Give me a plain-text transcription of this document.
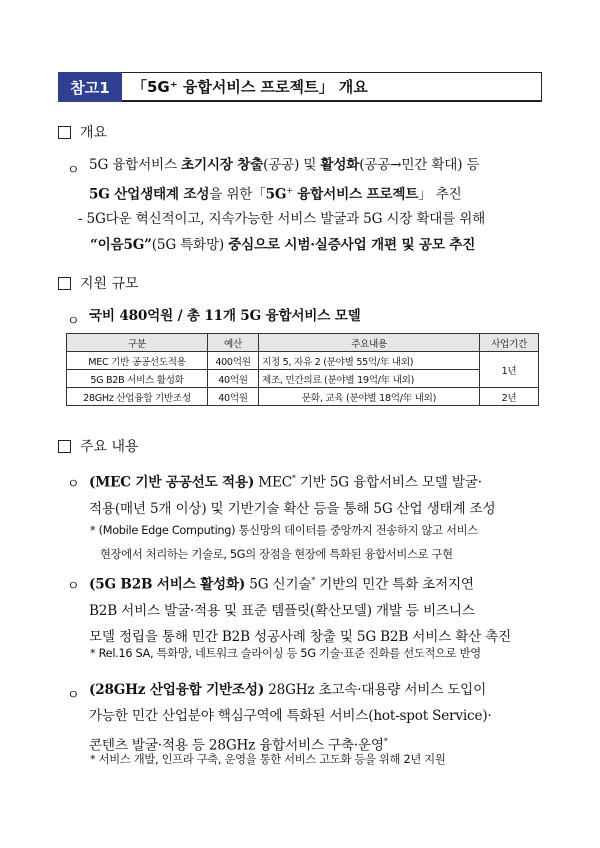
참고1	「5G⁺ 융합서비스 프로젝트」 개요
개요
ㅇ 5G 융합서비스 초기시장 창출(공공) 및 활성화(공공→민간 확대) 등
5G 산업생태계 조성을 위한「5G+ 융합서비스 프로젝트」 추진
- 5G다운 혁신적이고, 지속가능한 서비스 발굴과 5G 시장 확대를 위해
“이음5G”(5G 특화망) 중심으로 시범·실증사업 개편 및 공모 추진
지원 규모
ㅇ 국비 480억원 / 총 11개 5G 융합서비스 모델
구분	예산	주요내용	사업기간
MEC 기반 공공선도적용	400억원	지정 5, 자유 2 (분야별 55억/年 내외)	1년
5G B2B 서비스 활성화	40억원	제조, 민간의료 (분야별 19억/年 내외)	
28GHz 산업융합 기반조성	40억원	문화, 교육 (분야별 18억/年 내외)	2년
주요 내용
ㅇ (MEC 기반 공공선도 적용) MEC* 기반 5G 융합서비스 모델 발굴·
적용(매년 5개 이상) 및 기반기술 확산 등을 통해 5G 산업 생태계 조성
* (Mobile Edge Computing) 통신망의 데이터를 중앙까지 전송하지 않고 서비스
현장에서 처리하는 기술로, 5G의 장점을 현장에 특화된 융합서비스로 구현
ㅇ (5G B2B 서비스 활성화) 5G 신기술* 기반의 민간 특화 초저지연
B2B 서비스 발굴·적용 및 표준 템플릿(확산모델) 개발 등 비즈니스
모델 정립을 통해 민간 B2B 성공사례 창출 및 5G B2B 서비스 확산 촉진
* Rel.16 SA, 특화망, 네트워크 슬라이싱 등 5G 기술·표준 진화를 선도적으로 반영
ㅇ (28GHz 산업융합 기반조성) 28GHz 초고속·대용량 서비스 도입이
가능한 민간 산업분야 핵심구역에 특화된 서비스(hot-spot Service)·
콘텐츠 발굴·적용 등 28GHz 융합서비스 구축·운영*
* 서비스 개발, 인프라 구축, 운영을 통한 서비스 고도화 등을 위해 2년 지원
